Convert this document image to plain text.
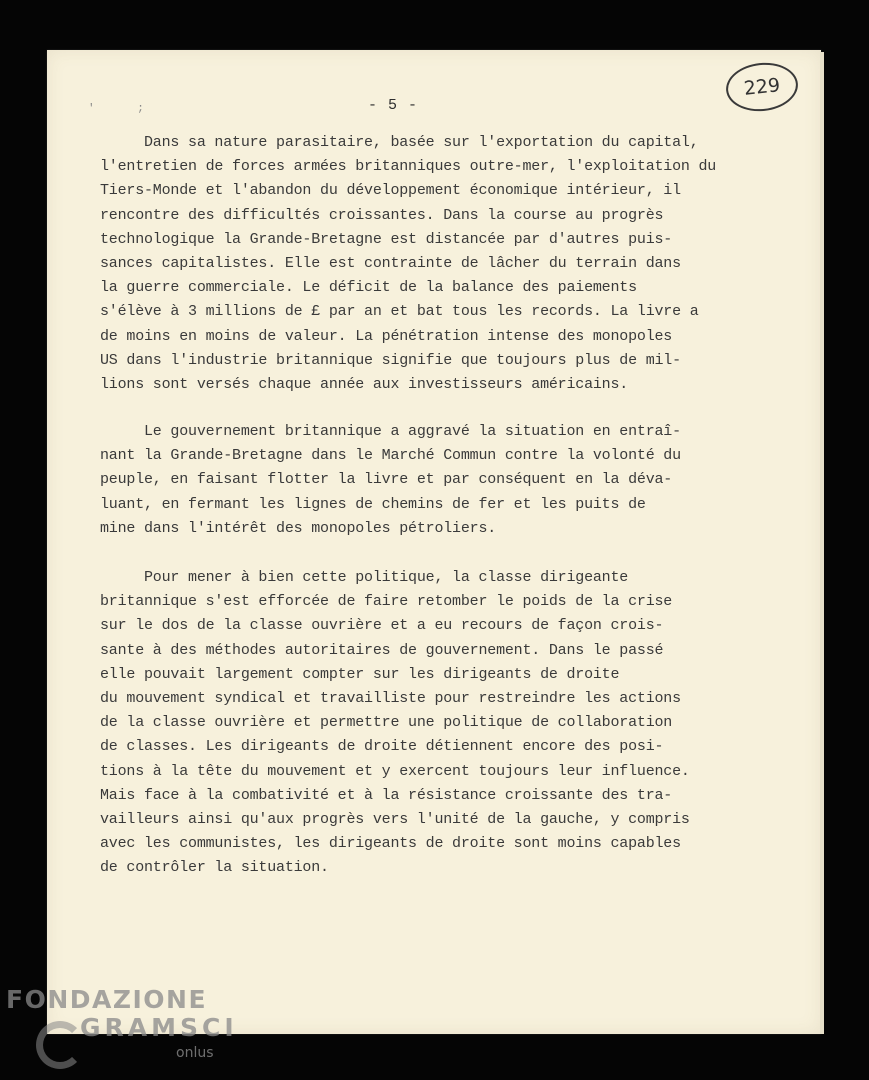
229
' ;	- 5 -
Dans sa nature parasitaire, basée sur l'exportation du capital,
l'entretien de forces armées britanniques outre-mer, l'exploitation du
Tiers-Monde et l'abandon du développement économique intérieur, il
rencontre des difficultés croissantes. Dans la course au progrès
technologique la Grande-Bretagne est distancée par d'autres puis-
sances capitalistes. Elle est contrainte de lâcher du terrain dans
la guerre commerciale. Le déficit de la balance des paiements
s'élève à 3 millions de £ par an et bat tous les records. La livre a
de moins en moins de valeur. La pénétration intense des monopoles
US dans l'industrie britannique signifie que toujours plus de mil-
lions sont versés chaque année aux investisseurs américains.
Le gouvernement britannique a aggravé la situation en entraî-
nant la Grande-Bretagne dans le Marché Commun contre la volonté du
peuple, en faisant flotter la livre et par conséquent en la déva-
luant, en fermant les lignes de chemins de fer et les puits de
mine dans l'intérêt des monopoles pétroliers.
Pour mener à bien cette politique, la classe dirigeante
britannique s'est efforcée de faire retomber le poids de la crise
sur le dos de la classe ouvrière et a eu recours de façon crois-
sante à des méthodes autoritaires de gouvernement. Dans le passé
elle pouvait largement compter sur les dirigeants de droite
du mouvement syndical et travailliste pour restreindre les actions
de la classe ouvrière et permettre une politique de collaboration
de classes. Les dirigeants de droite détiennent encore des posi-
tions à la tête du mouvement et y exercent toujours leur influence.
Mais face à la combativité et à la résistance croissante des tra-
vailleurs ainsi qu'aux progrès vers l'unité de la gauche, y compris
avec les communistes, les dirigeants de droite sont moins capables
de contrôler la situation.
FONDAZIONE
GRAMSCI
onlus
